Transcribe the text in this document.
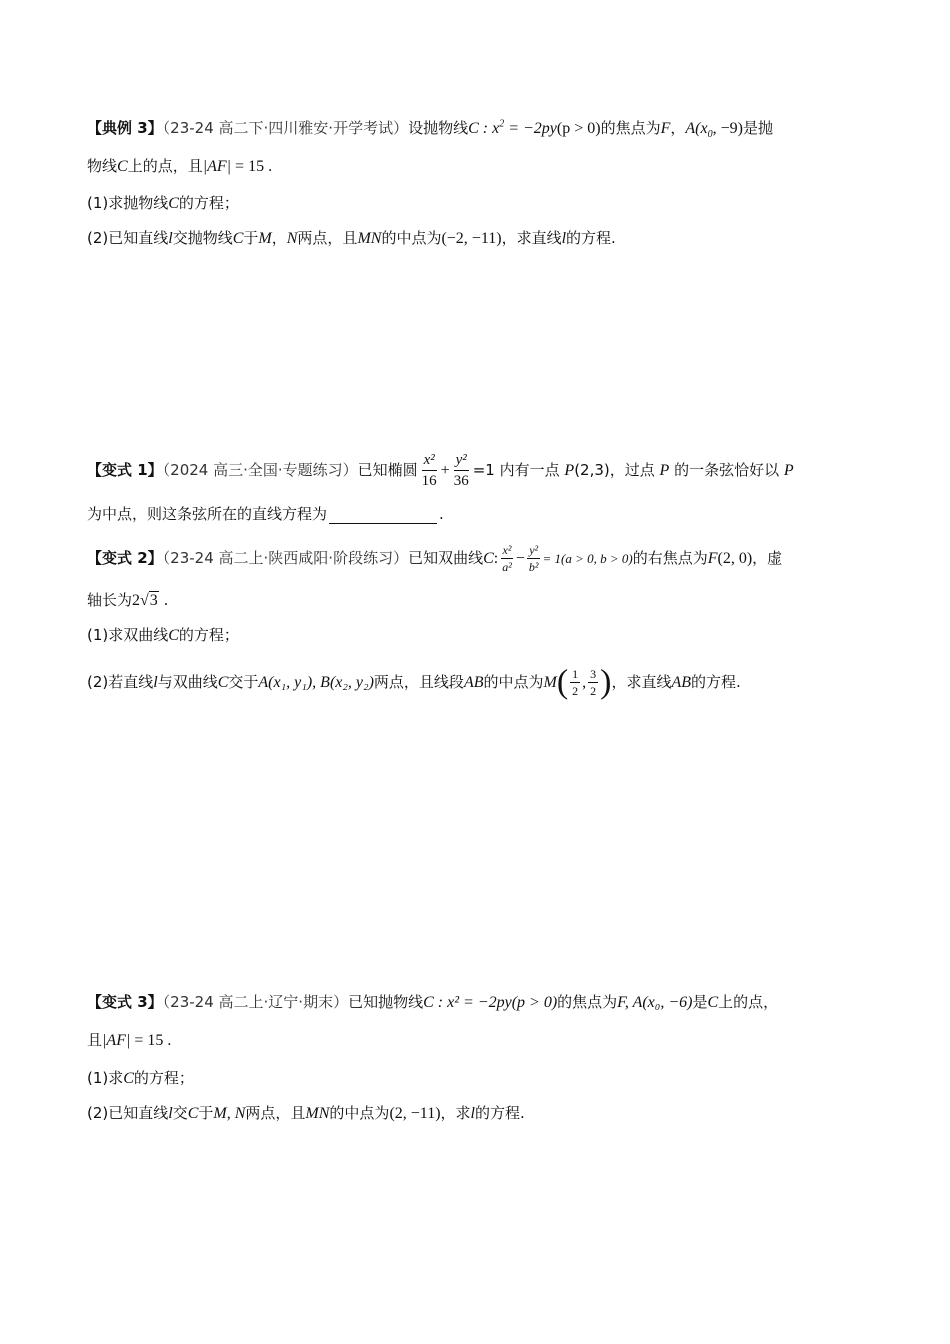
【典例 3】（23-24 高二下·四川雅安·开学考试）设抛物线C : $x^2 = -2py(p > 0)$的焦点为F，$A(x_0$, −9)是抛
物线C上的点，且|AF| = 15 .
(1)求抛物线C的方程；
(2)已知直线l交抛物线C于M，N两点，且MN的中点为(−2, −11)，求直线l的方程.
【变式 1】（2024 高三·全国·专题练习）已知椭圆 $\frac{\text{x²}}{16} + \frac{\text{y²}}{36} =1$ 内有一点 P(2,3)，过点 P 的一条弦恰好以 P
为中点，则这条弦所在的直线方程为	.
【变式 2】（23-24 高二上·陕西咸阳·阶段练习）已知双曲线C: $\frac{\text{x²}}{\text{a²}} - \frac{\text{y²}}{\text{b²}} = 1(a > 0$, b > 0)的右焦点为F(2, 0)，虚
轴长为2√3 .
(1)求双曲线C的方程；
(2)若直线l与双曲线C交于A(x₁, y₁), B(x₂, y₂)两点，且线段AB的中点为$M( \frac{1}{2}$ , $\frac{3}{2}$ )，求直线AB的方程.
【变式 3】（23-24 高二上·辽宁·期末）已知抛物线C : x² = −2py(p > 0)的焦点为F, A(x₀, −6)是C上的点，
且|AF| = 15 .
(1)求C的方程；
(2)已知直线l交C于M, N两点，且MN的中点为(2, −11)，求l的方程.
